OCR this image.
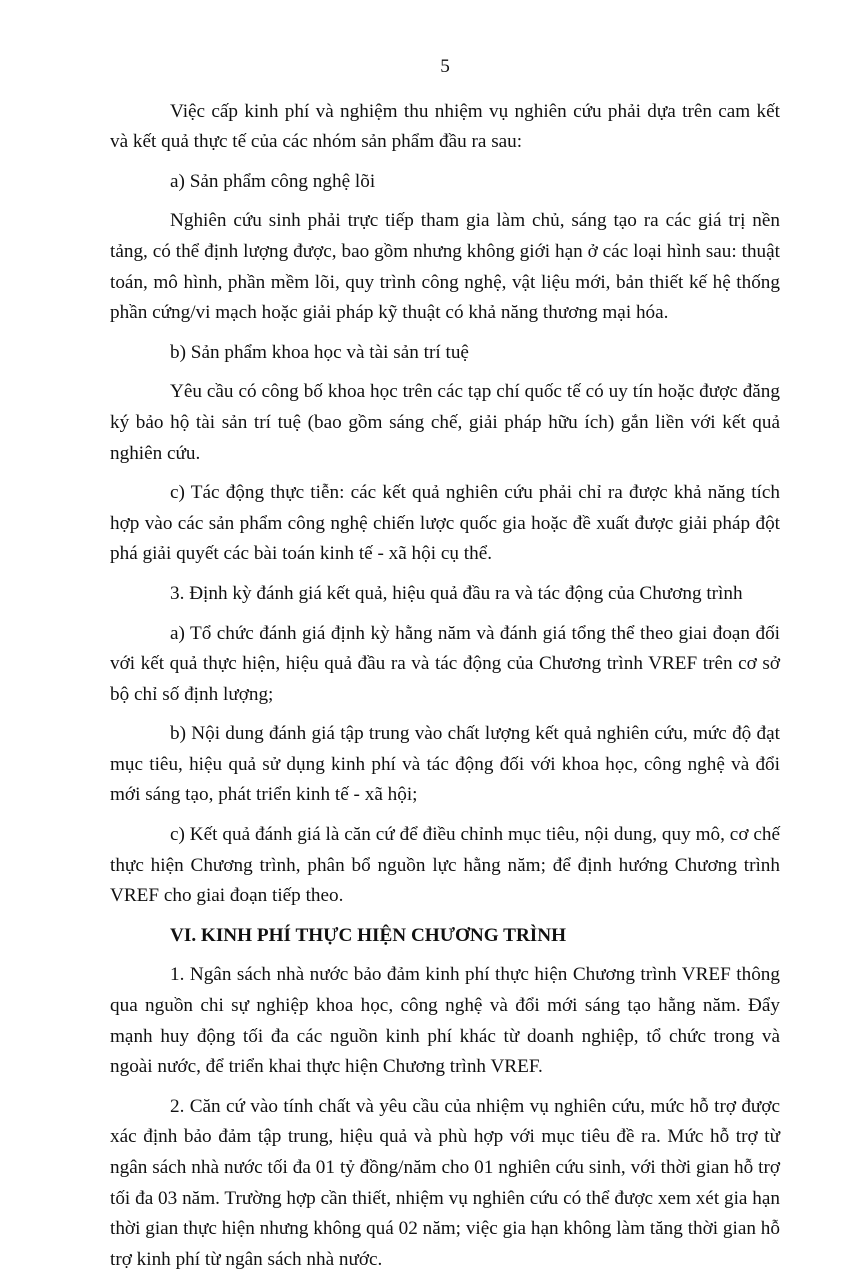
5

Việc cấp kinh phí và nghiệm thu nhiệm vụ nghiên cứu phải dựa trên cam kết và kết quả thực tế của các nhóm sản phẩm đầu ra sau:

a) Sản phẩm công nghệ lõi

Nghiên cứu sinh phải trực tiếp tham gia làm chủ, sáng tạo ra các giá trị nền tảng, có thể định lượng được, bao gồm nhưng không giới hạn ở các loại hình sau: thuật toán, mô hình, phần mềm lõi, quy trình công nghệ, vật liệu mới, bản thiết kế hệ thống phần cứng/vi mạch hoặc giải pháp kỹ thuật có khả năng thương mại hóa.

b) Sản phẩm khoa học và tài sản trí tuệ

Yêu cầu có công bố khoa học trên các tạp chí quốc tế có uy tín hoặc được đăng ký bảo hộ tài sản trí tuệ (bao gồm sáng chế, giải pháp hữu ích) gắn liền với kết quả nghiên cứu.

c) Tác động thực tiễn: các kết quả nghiên cứu phải chỉ ra được khả năng tích hợp vào các sản phẩm công nghệ chiến lược quốc gia hoặc đề xuất được giải pháp đột phá giải quyết các bài toán kinh tế - xã hội cụ thể.

3. Định kỳ đánh giá kết quả, hiệu quả đầu ra và tác động của Chương trình

a) Tổ chức đánh giá định kỳ hằng năm và đánh giá tổng thể theo giai đoạn đối với kết quả thực hiện, hiệu quả đầu ra và tác động của Chương trình VREF trên cơ sở bộ chỉ số định lượng;

b) Nội dung đánh giá tập trung vào chất lượng kết quả nghiên cứu, mức độ đạt mục tiêu, hiệu quả sử dụng kinh phí và tác động đối với khoa học, công nghệ và đổi mới sáng tạo, phát triển kinh tế - xã hội;

c) Kết quả đánh giá là căn cứ để điều chỉnh mục tiêu, nội dung, quy mô, cơ chế thực hiện Chương trình, phân bổ nguồn lực hằng năm; để định hướng Chương trình VREF cho giai đoạn tiếp theo.

VI. KINH PHÍ THỰC HIỆN CHƯƠNG TRÌNH

1. Ngân sách nhà nước bảo đảm kinh phí thực hiện Chương trình VREF thông qua nguồn chi sự nghiệp khoa học, công nghệ và đổi mới sáng tạo hằng năm. Đẩy mạnh huy động tối đa các nguồn kinh phí khác từ doanh nghiệp, tổ chức trong và ngoài nước, để triển khai thực hiện Chương trình VREF.

2. Căn cứ vào tính chất và yêu cầu của nhiệm vụ nghiên cứu, mức hỗ trợ được xác định bảo đảm tập trung, hiệu quả và phù hợp với mục tiêu đề ra. Mức hỗ trợ từ ngân sách nhà nước tối đa 01 tỷ đồng/năm cho 01 nghiên cứu sinh, với thời gian hỗ trợ tối đa 03 năm. Trường hợp cần thiết, nhiệm vụ nghiên cứu có thể được xem xét gia hạn thời gian thực hiện nhưng không quá 02 năm; việc gia hạn không làm tăng thời gian hỗ trợ kinh phí từ ngân sách nhà nước.
